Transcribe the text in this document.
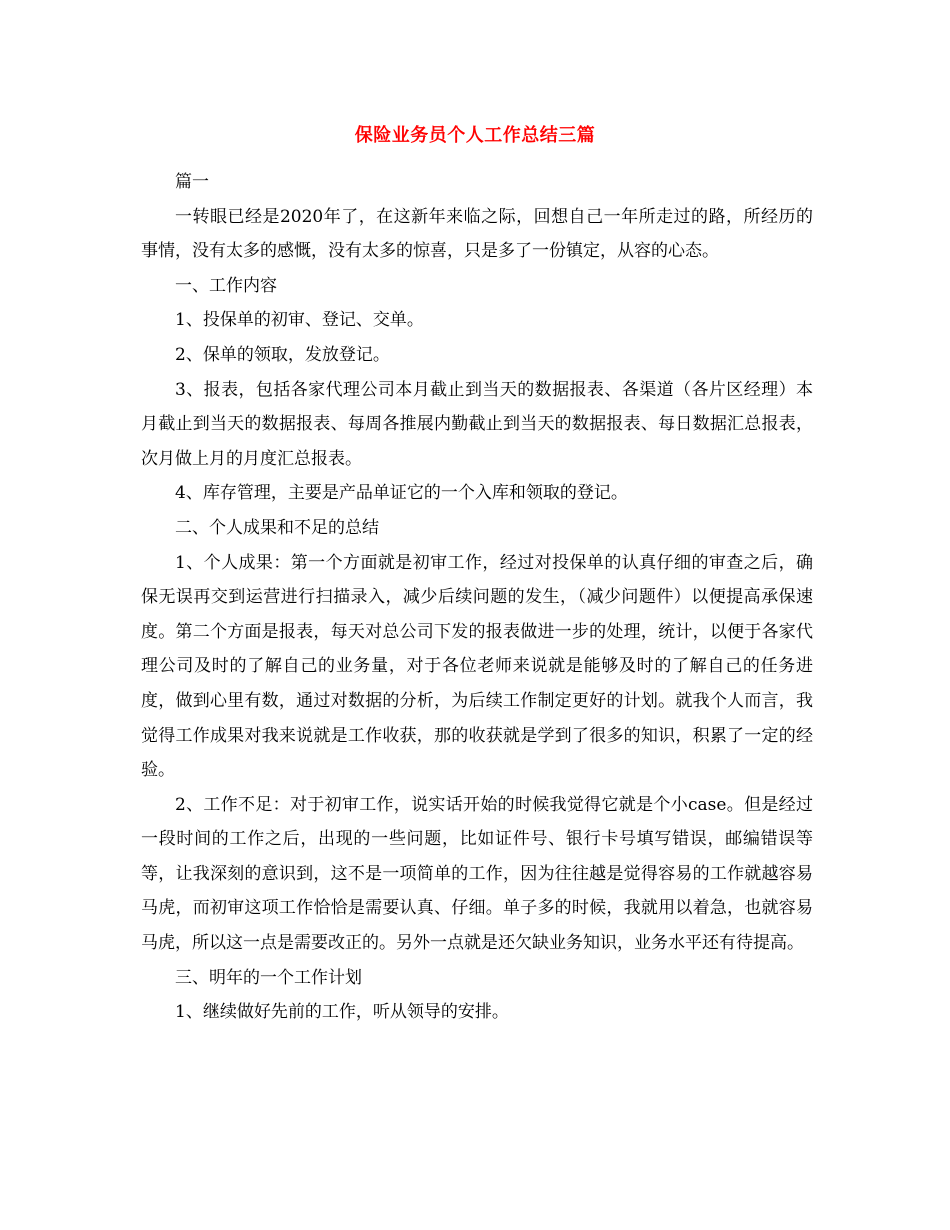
保险业务员个人工作总结三篇

篇一

一转眼已经是2020年了，在这新年来临之际，回想自己一年所走过的路，所经历的事情，没有太多的感慨，没有太多的惊喜，只是多了一份镇定，从容的心态。

一、工作内容

1、投保单的初审、登记、交单。

2、保单的领取，发放登记。

3、报表，包括各家代理公司本月截止到当天的数据报表、各渠道（各片区经理）本月截止到当天的数据报表、每周各推展内勤截止到当天的数据报表、每日数据汇总报表，次月做上月的月度汇总报表。

4、库存管理，主要是产品单证它的一个入库和领取的登记。

二、个人成果和不足的总结

1、个人成果：第一个方面就是初审工作，经过对投保单的认真仔细的审查之后，确保无误再交到运营进行扫描录入，减少后续问题的发生，（减少问题件）以便提高承保速度。第二个方面是报表，每天对总公司下发的报表做进一步的处理，统计，以便于各家代理公司及时的了解自己的业务量，对于各位老师来说就是能够及时的了解自己的任务进度，做到心里有数，通过对数据的分析，为后续工作制定更好的计划。就我个人而言，我觉得工作成果对我来说就是工作收获，那的收获就是学到了很多的知识，积累了一定的经验。

2、工作不足：对于初审工作，说实话开始的时候我觉得它就是个小case。但是经过一段时间的工作之后，出现的一些问题，比如证件号、银行卡号填写错误，邮编错误等等，让我深刻的意识到，这不是一项简单的工作，因为往往越是觉得容易的工作就越容易马虎，而初审这项工作恰恰是需要认真、仔细。单子多的时候，我就用以着急，也就容易马虎，所以这一点是需要改正的。另外一点就是还欠缺业务知识，业务水平还有待提高。

三、明年的一个工作计划

1、继续做好先前的工作，听从领导的安排。
